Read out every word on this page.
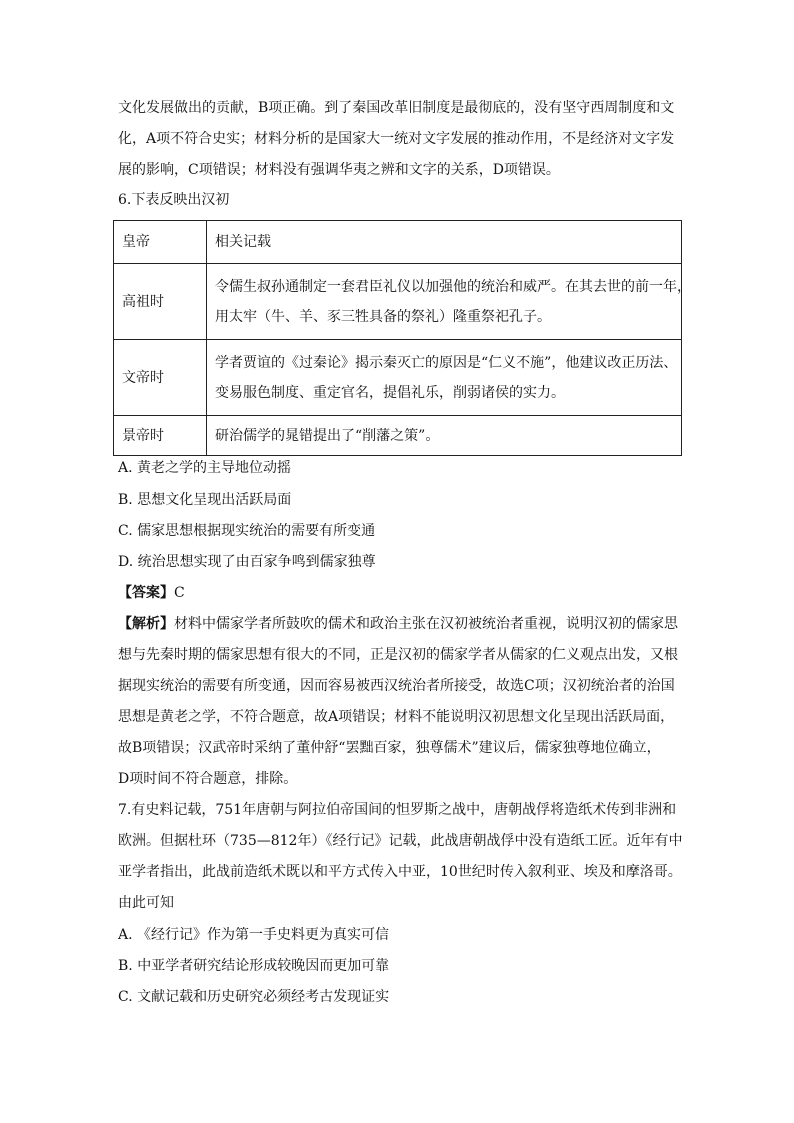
文化发展做出的贡献，B项正确。到了秦国改革旧制度是最彻底的，没有坚守西周制度和文
化，A项不符合史实；材料分析的是国家大一统对文字发展的推动作用，不是经济对文字发
展的影响，C项错误；材料没有强调华夷之辨和文字的关系，D项错误。
6.下表反映出汉初
皇帝	相关记载
高祖时	令儒生叔孙通制定一套君臣礼仪以加强他的统治和威严。在其去世的前一年，
用太牢（牛、羊、豕三牲具备的祭礼）隆重祭祀孔子。

文帝时	学者贾谊的《过秦论》揭示秦灭亡的原因是“仁义不施”，他建议改正历法、
变易服色制度、重定官名，提倡礼乐，削弱诸侯的实力。

景帝时	研治儒学的晁错提出了“削藩之策”。
A. 黄老之学的主导地位动摇
B. 思想文化呈现出活跃局面
C. 儒家思想根据现实统治的需要有所变通
D. 统治思想实现了由百家争鸣到儒家独尊
【答案】C
【解析】材料中儒家学者所鼓吹的儒术和政治主张在汉初被统治者重视，说明汉初的儒家思
想与先秦时期的儒家思想有很大的不同，正是汉初的儒家学者从儒家的仁义观点出发，又根
据现实统治的需要有所变通，因而容易被西汉统治者所接受，故选C项；汉初统治者的治国
思想是黄老之学，不符合题意，故A项错误；材料不能说明汉初思想文化呈现出活跃局面，
故B项错误；汉武帝时采纳了董仲舒“罢黜百家，独尊儒术”建议后，儒家独尊地位确立，
D项时间不符合题意，排除。
7.有史料记载，751年唐朝与阿拉伯帝国间的怛罗斯之战中，唐朝战俘将造纸术传到非洲和
欧洲。但据杜环（735—812年）《经行记》记载，此战唐朝战俘中没有造纸工匠。近年有中
亚学者指出，此战前造纸术既以和平方式传入中亚，10世纪时传入叙利亚、埃及和摩洛哥。
由此可知
A. 《经行记》作为第一手史料更为真实可信
B. 中亚学者研究结论形成较晚因而更加可靠
C. 文献记载和历史研究必须经考古发现证实
